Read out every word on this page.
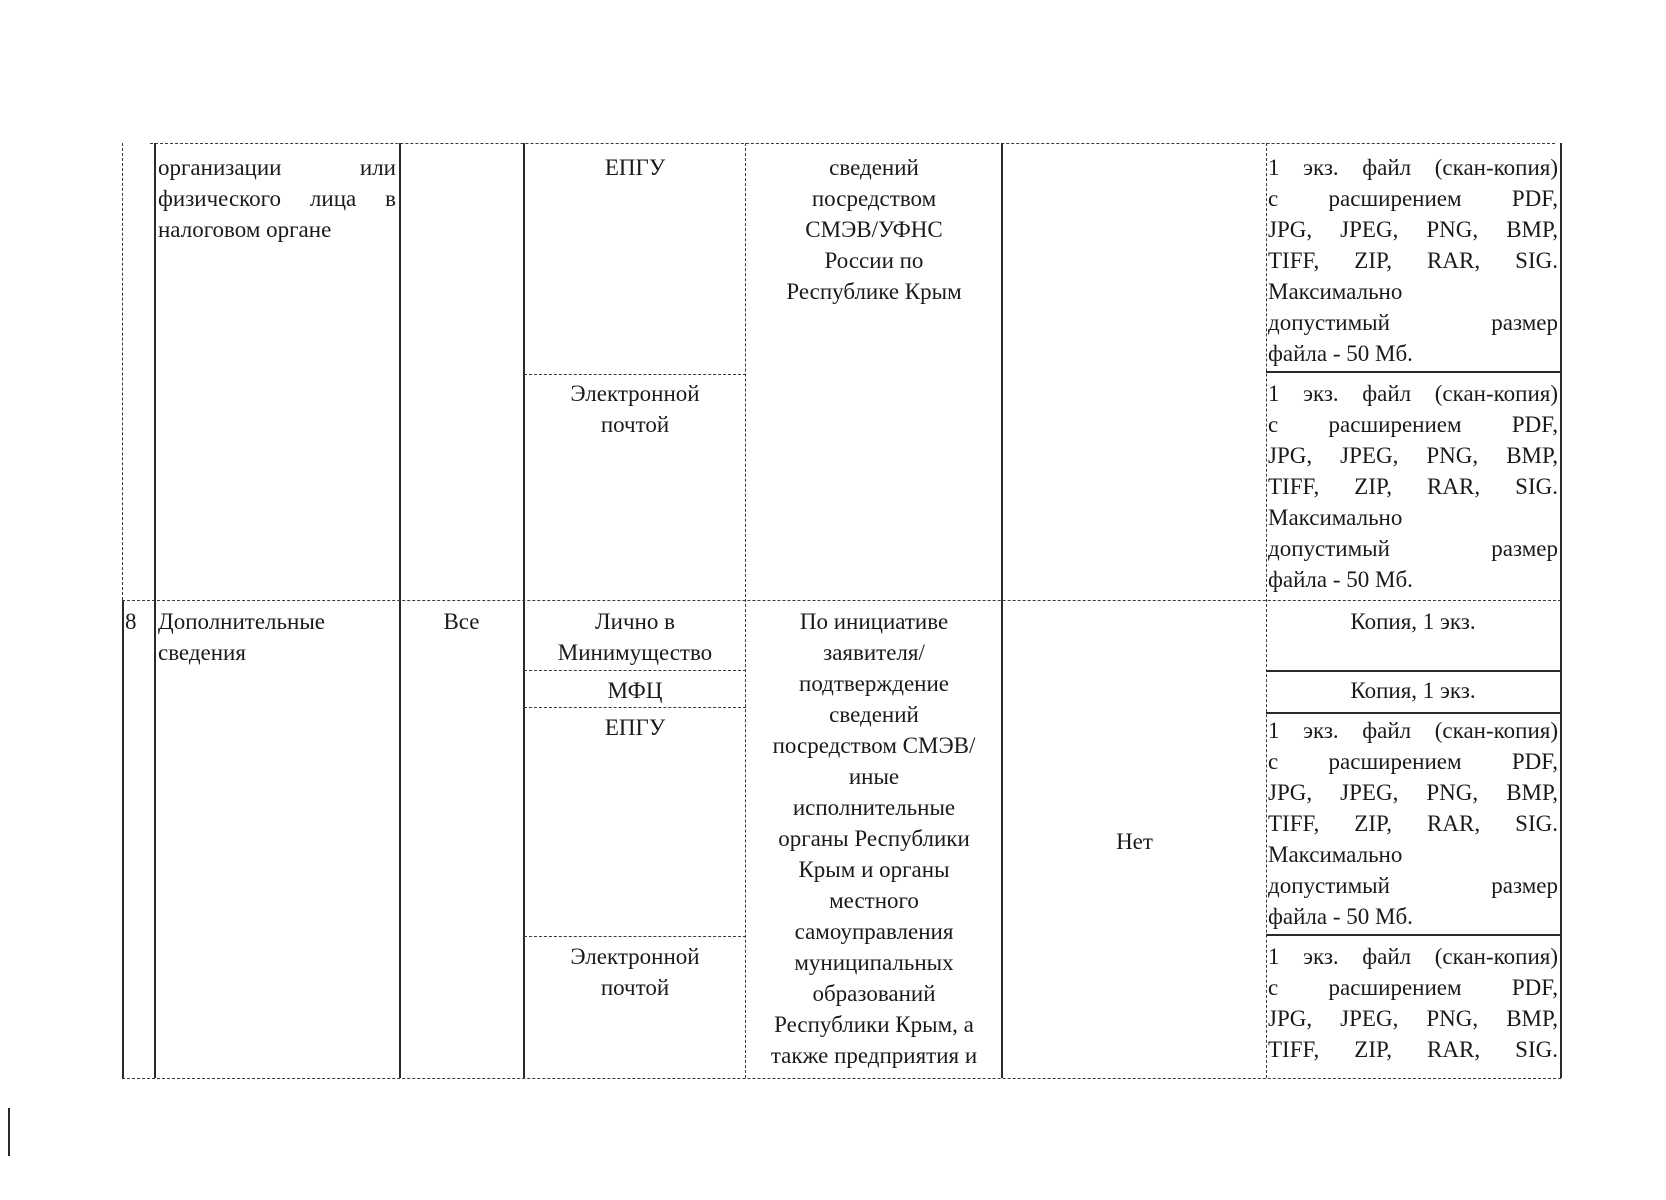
организации или
физического лица в
налоговом органе
ЕПГУ
Электронной
почтой
сведений
посредством
СМЭВ/УФНС
России по
Республике Крым
1 экз. файл (скан-копия)
с расширением PDF,
JPG, JPEG, PNG, BMP,
TIFF, ZIP, RAR, SIG.
Максимально
допустимый размер
файла - 50 Мб.
1 экз. файл (скан-копия)
с расширением PDF,
JPG, JPEG, PNG, BMP,
TIFF, ZIP, RAR, SIG.
Максимально
допустимый размер
файла - 50 Мб.
8 Дополнительные
сведения
Все	Лично в
Минимущество
МФЦ
ЕПГУ
Электронной
почтой
По инициативе
заявителя/
подтверждение
сведений
посредством СМЭВ/
иные
исполнительные
органы Республики
Крым и органы
местного
самоуправления
муниципальных
образований
Республики Крым, а
также предприятия и
Нет
Копия, 1 экз.
Копия, 1 экз.
1 экз. файл (скан-копия)
с расширением PDF,
JPG, JPEG, PNG, BMP,
TIFF, ZIP, RAR, SIG.
Максимально
допустимый размер
файла - 50 Мб.
1 экз. файл (скан-копия)
с расширением PDF,
JPG, JPEG, PNG, BMP,
TIFF, ZIP, RAR, SIG.
